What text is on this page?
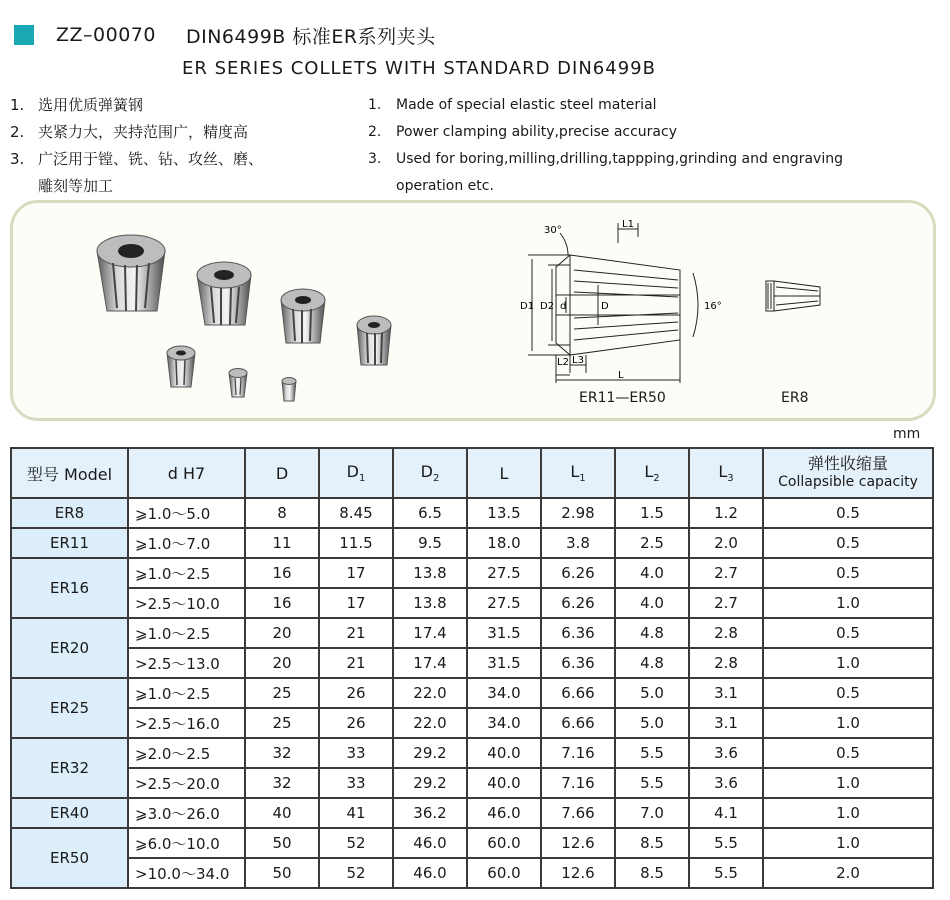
ZZ–00070 DIN6499B 标准ER系列夹头
ER SERIES COLLETS WITH STANDARD DIN6499B
1. 选用优质弹簧钢
2. 夹紧力大，夹持范围广，精度高
3. 广泛用于镗、铣、钻、攻丝、磨、
雕刻等加工
1. Made of special elastic steel material
2. Power clamping ability,precise accuracy
3. Used for boring,milling,drilling,tappping,grinding and engraving
operation etc.
30°
16°
L1
L2 L3
L
D1 D2 d	D
ER11—ER50	ER8
mm
型号 Model	d H7	D	$D_1$	$D_2$	L	$L_1$	$L_2$	$L_3$	弹性收缩量
Collapsible capacity

ER8	⩾1.0～5.0	8	8.45	6.5	13.5	2.98	1.5	1.2	0.5
ER11	⩾1.0～7.0	11	11.5	9.5	18.0	3.8	2.5	2.0	0.5
ER16	⩾1.0～2.5	16	17	13.8	27.5	6.26	4.0	2.7	0.5
	>2.5～10.0	16	17	13.8	27.5	6.26	4.0	2.7	1.0
ER20	⩾1.0～2.5	20	21	17.4	31.5	6.36	4.8	2.8	0.5
	>2.5～13.0	20	21	17.4	31.5	6.36	4.8	2.8	1.0
ER25	⩾1.0～2.5	25	26	22.0	34.0	6.66	5.0	3.1	0.5
	>2.5～16.0	25	26	22.0	34.0	6.66	5.0	3.1	1.0
ER32	⩾2.0～2.5	32	33	29.2	40.0	7.16	5.5	3.6	0.5
	>2.5～20.0	32	33	29.2	40.0	7.16	5.5	3.6	1.0
ER40	⩾3.0～26.0	40	41	36.2	46.0	7.66	7.0	4.1	1.0
ER50	⩾6.0～10.0	50	52	46.0	60.0	12.6	8.5	5.5	1.0
	>10.0～34.0	50	52	46.0	60.0	12.6	8.5	5.5	2.0
